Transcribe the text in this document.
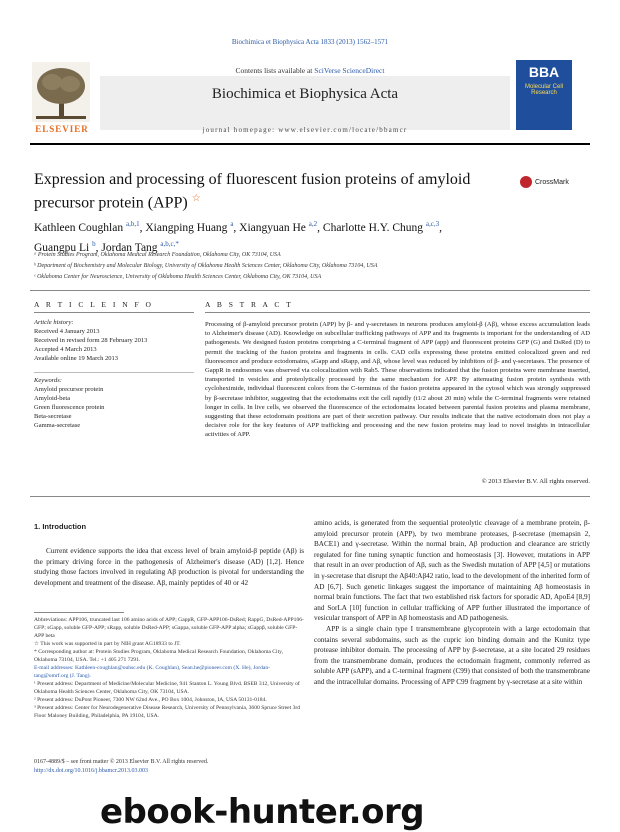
Biochimica et Biophysica Acta 1833 (2013) 1562–1571
ELSEVIER
Contents lists available at SciVerse ScienceDirect
Biochimica et Biophysica Acta
journal homepage: www.elsevier.com/locate/bbamcr
BBA
Molecular Cell Research
Expression and processing of fluorescent fusion proteins of amyloid precursor protein (APP) ☆
CrossMark
Kathleen Coughlan $^{a,b,1}$, Xiangping Huang $^a$, Xiangyuan He $^{a,2}$, Charlotte H.Y. Chung $^{a,c,3}$,
Guangpu Li $^b$, Jordan Tang $^{a,b,c,*}$
ᵃ Protein Studies Program, Oklahoma Medical Research Foundation, Oklahoma City, OK 73104, USA
ᵇ Department of Biochemistry and Molecular Biology, University of Oklahoma Health Sciences Center, Oklahoma City, Oklahoma 73104, USA
ᶜ Oklahoma Center for Neuroscience, University of Oklahoma Health Sciences Center, Oklahoma City, OK 73104, USA
A R T I C L E I N F O	A B S T R A C T
Article history:
Received 4 January 2013
Received in revised form 28 February 2013
Accepted 4 March 2013
Available online 19 March 2013
Keywords:
Amyloid precursor protein
Amyloid-beta
Green fluorescence protein
Beta-secretase
Gamma-secretase
Processing of β-amyloid precursor protein (APP) by β- and γ-secretases in neurons produces amyloid-β (Aβ), whose excess accumulation leads to Alzheimer's disease (AD). Knowledge on subcellular trafficking pathways of APP and its fragments is important for the understanding of AD pathogenesis. We designed fusion proteins comprising a C-terminal fragment of APP (app) and fluorescent proteins GFP (G) and DsRed (D) to permit the tracking of the fusion proteins and fragments in cells. CAD cells expressing these proteins emitted colocalized green and red fluorescence and produce ectodomains, sGapp and sRapp, and Aβ, whose level was reduced by inhibitors of β- and γ-secretases. The presence of GappR in endosomes was observed via colocalization with Rab5. These observations indicated that the fusion proteins were membrane inserted, transported in vesicles and proteolytically processed by the same mechanism for APP. By attenuating fusion protein synthesis with cycloheximide, individual fluorescent colors from the C-terminus of the fusion proteins appeared in the cytosol which was strongly suppressed by β-secretase inhibitor, suggesting that the ectodomains exit the cell rapidly (t1/2 about 20 min) while the C-terminal fragments were retained longer in cells. In live cells, we observed the fluorescence of the ectodomains located between parental fusion proteins and plasma membrane, suggesting that these ectodomain positions are part of their secretion pathway. Our results indicate that the native ectodomain does not play a decisive role for the key features of APP trafficking and processing and the new fusion proteins may lead to novel insights in intracellular activities of APP.
© 2013 Elsevier B.V. All rights reserved.
1. Introduction
Current evidence supports the idea that excess level of brain amyloid-β peptide (Aβ) is the primary driving force in the pathogenesis of Alzheimer's disease (AD) [1,2]. Hence studying those factors involved in regulating Aβ production is pivotal for understanding the development and treatment of the disease. Aβ, mainly peptides of 40 or 42

amino acids, is generated from the sequential proteolytic cleavage of a membrane protein, β-amyloid precursor protein (APP), by two membrane proteases, β-secretase (memapsin 2, BACE1) and γ-secretase. Within the normal brain, Aβ production and clearance are strictly regulated for fine tuning synaptic function and homeostasis [3]. However, mutations in APP that result in an over production of Aβ, such as the Swedish mutation of APP [4,5] or mutations in γ-secretase that disrupt the Aβ40:Aβ42 ratio, lead to the development of the inherited form of AD [6,7]. Such genetic linkages suggest the importance of maintaining Aβ homeostasis in normal brain functions. The fact that two established risk factors for sporadic AD, ApoE4 [8,9] and SorLA [10] function in cellular trafficking of APP further illustrated the importance of vesicular transport of APP in Aβ homeostasis and AD pathogenesis.

APP is a single chain type I transmembrane glycoprotein with a large ectodomain that contains several subdomains, such as the cupric ion binding domain and the Kunitz type protease inhibitor domain. The processing of APP by β-secretase, at a site located 29 residues from the transmembrane domain, produces the ectodomain fragment, commonly referred as soluble APP (sAPP), and a C-terminal fragment (C99) that consisted of both the transmembrane and the intracellular domains. Processing of APP C99 fragment by γ-secretase at a site within

Abbreviations: APP106, truncated last 106 amino acids of APP; GappR, GFP-APP106-DsRed; RappG, DsRed-APP106-GFP; sGapp, soluble GFP-APP; sRapp, soluble DsRed-APP; sGappa, soluble GFP-APP alpha; sGappβ, soluble GFP-APP beta

☆ This work was supported in part by NIH grant AG18933 to JT.

* Corresponding author at: Protein Studies Program, Oklahoma Medical Research Foundation, Oklahoma City, Oklahoma 73104, USA. Tel.: +1 405 271 7291.

E-mail addresses: Kathleen-coughlan@ouhsc.edu (K. Coughlan), Sean.he@pioneer.com (X. He), Jordan-tang@omrf.org (J. Tang).

¹ Present address: Department of Medicine/Molecular Medicine, 941 Stanton L. Young Blvd. BSEB 312, University of Oklahoma Health Sciences Center, Oklahoma City, OK 73104, USA.

² Present address: DuPont Pioneer, 7300 NW 62nd Ave., PO Box 1004, Johnston, IA, USA 50131-0184.

³ Present address: Center for Neurodegenerative Disease Research, University of Pennsylvania, 3600 Spruce Street 3rd Floor Maloney Building, Philadelphia, PA 19104, USA.

0167-4889/$ – see front matter © 2013 Elsevier B.V. All rights reserved.
http://dx.doi.org/10.1016/j.bbamcr.2013.03.003
ebook-hunter.org
